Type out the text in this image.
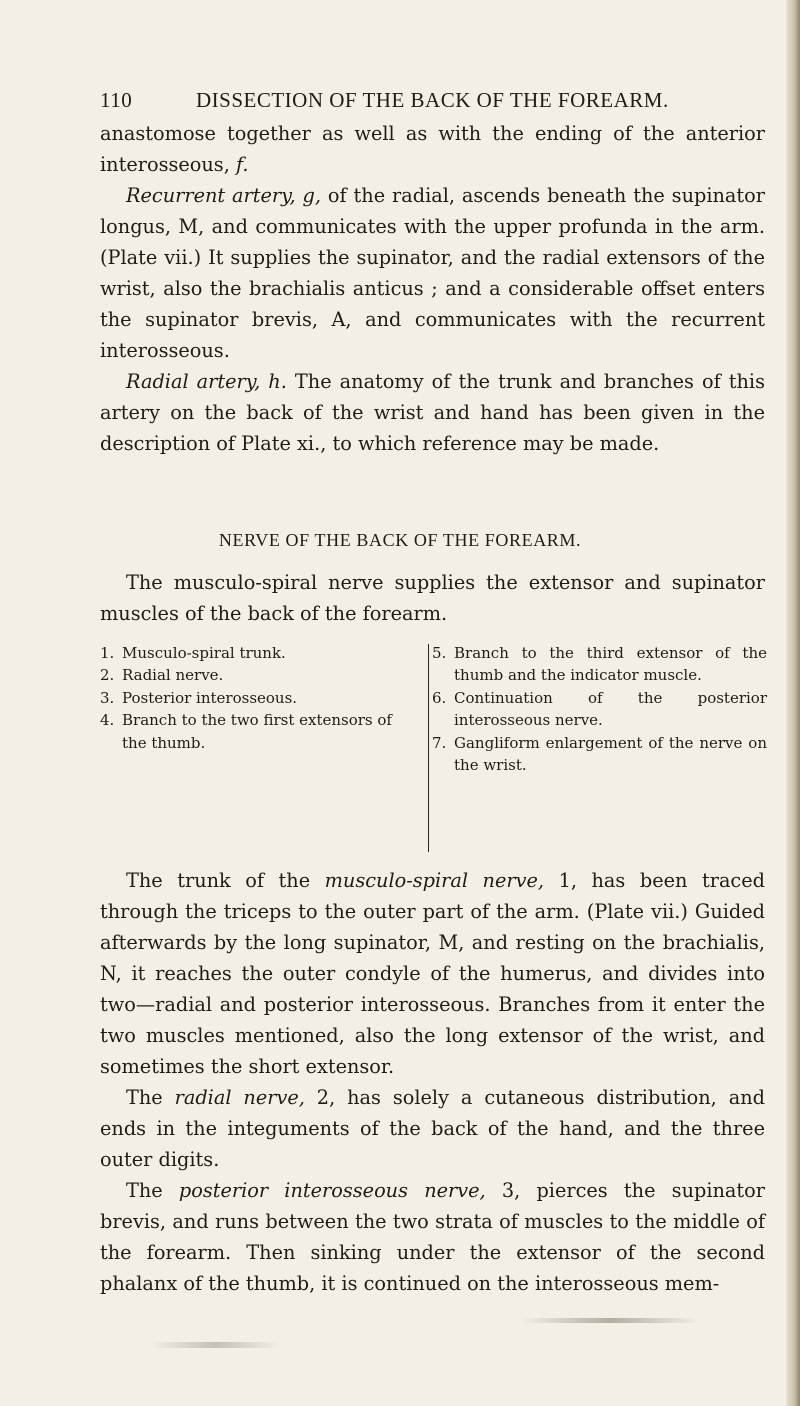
110	DISSECTION OF THE BACK OF THE FOREARM.

anastomose together as well as with the ending of the anterior interosseous, f.

Recurrent artery, g, of the radial, ascends beneath the supinator longus, M, and communicates with the upper profunda in the arm. (Plate vii.) It supplies the supinator, and the radial extensors of the wrist, also the brachialis anticus ; and a considerable offset enters the supinator brevis, A, and communicates with the recurrent interosseous.

Radial artery, h. The anatomy of the trunk and branches of this artery on the back of the wrist and hand has been given in the description of Plate xi., to which reference may be made.

NERVE OF THE BACK OF THE FOREARM.

The musculo-spiral nerve supplies the extensor and supinator muscles of the back of the forearm.

1. Musculo-spiral trunk.
2. Radial nerve.
3. Posterior interosseous.
4. Branch to the two first extensors of the thumb.
5. Branch to the third extensor of the thumb and the indicator muscle.
6. Continuation of the posterior interosseous nerve.
7. Gangliform enlargement of the nerve on the wrist.

The trunk of the musculo-spiral nerve, 1, has been traced through the triceps to the outer part of the arm. (Plate vii.) Guided afterwards by the long supinator, M, and resting on the brachialis, N, it reaches the outer condyle of the humerus, and divides into two—radial and posterior interosseous. Branches from it enter the two muscles mentioned, also the long extensor of the wrist, and sometimes the short extensor.

The radial nerve, 2, has solely a cutaneous distribution, and ends in the integuments of the back of the hand, and the three outer digits.

The posterior interosseous nerve, 3, pierces the supinator brevis, and runs between the two strata of muscles to the middle of the forearm. Then sinking under the extensor of the second phalanx of the thumb, it is continued on the interosseous mem-
